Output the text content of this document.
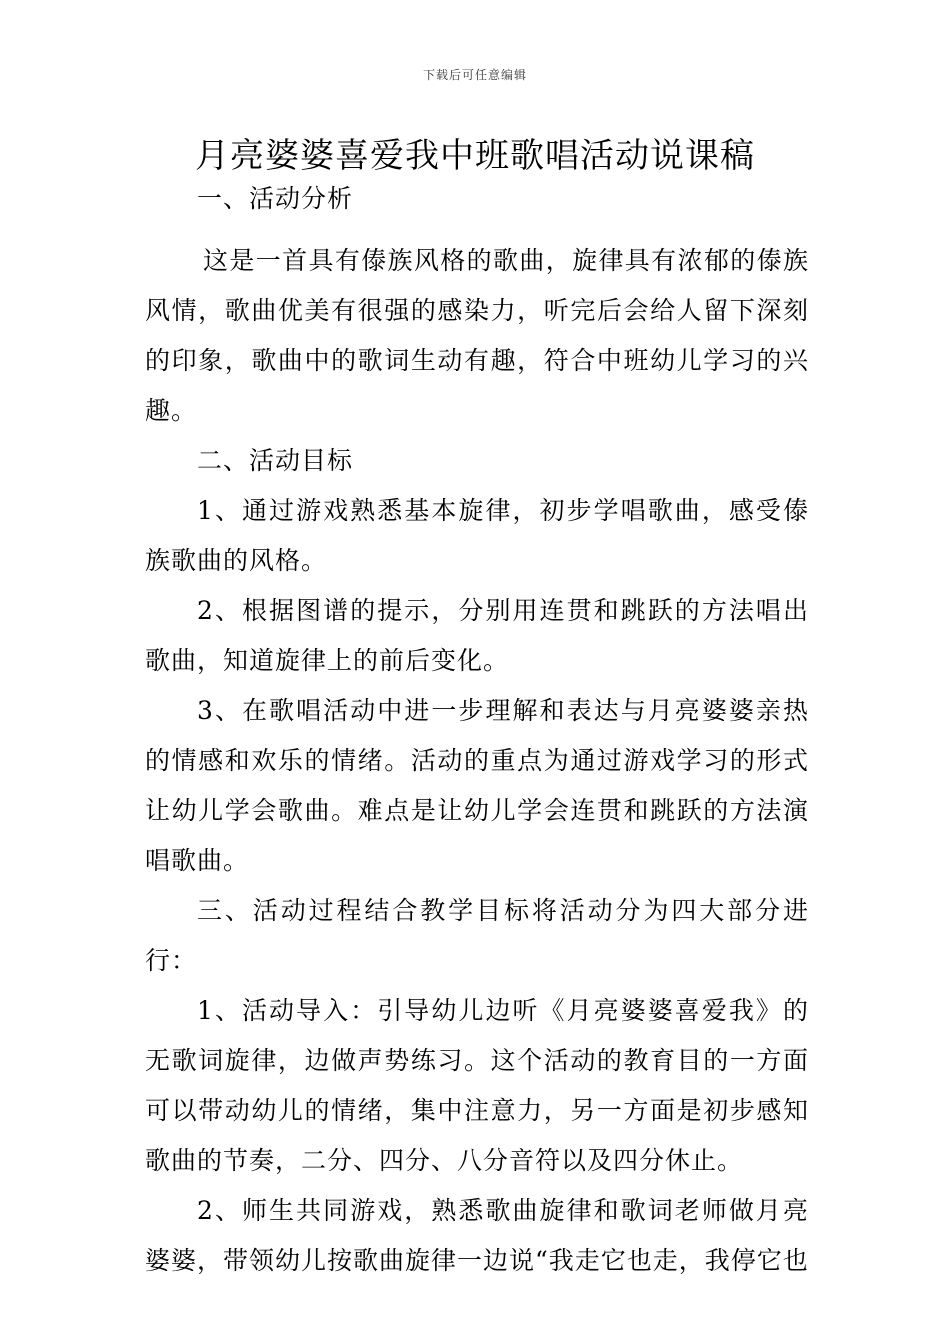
下载后可任意编辑
月亮婆婆喜爱我中班歌唱活动说课稿

一、活动分析

这是一首具有傣族风格的歌曲，旋律具有浓郁的傣族风情，歌曲优美有很强的感染力，听完后会给人留下深刻的印象，歌曲中的歌词生动有趣，符合中班幼儿学习的兴趣。

二、活动目标

1、通过游戏熟悉基本旋律，初步学唱歌曲，感受傣族歌曲的风格。

2、根据图谱的提示，分别用连贯和跳跃的方法唱出歌曲，知道旋律上的前后变化。

3、在歌唱活动中进一步理解和表达与月亮婆婆亲热的情感和欢乐的情绪。活动的重点为通过游戏学习的形式让幼儿学会歌曲。难点是让幼儿学会连贯和跳跃的方法演唱歌曲。

三、活动过程结合教学目标将活动分为四大部分进行：

1、活动导入：引导幼儿边听《月亮婆婆喜爱我》的无歌词旋律，边做声势练习。这个活动的教育目的一方面可以带动幼儿的情绪，集中注意力，另一方面是初步感知歌曲的节奏，二分、四分、八分音符以及四分休止。

2、师生共同游戏，熟悉歌曲旋律和歌词老师做月亮婆婆，带领幼儿按歌曲旋律一边说“我走它也走，我停它也
